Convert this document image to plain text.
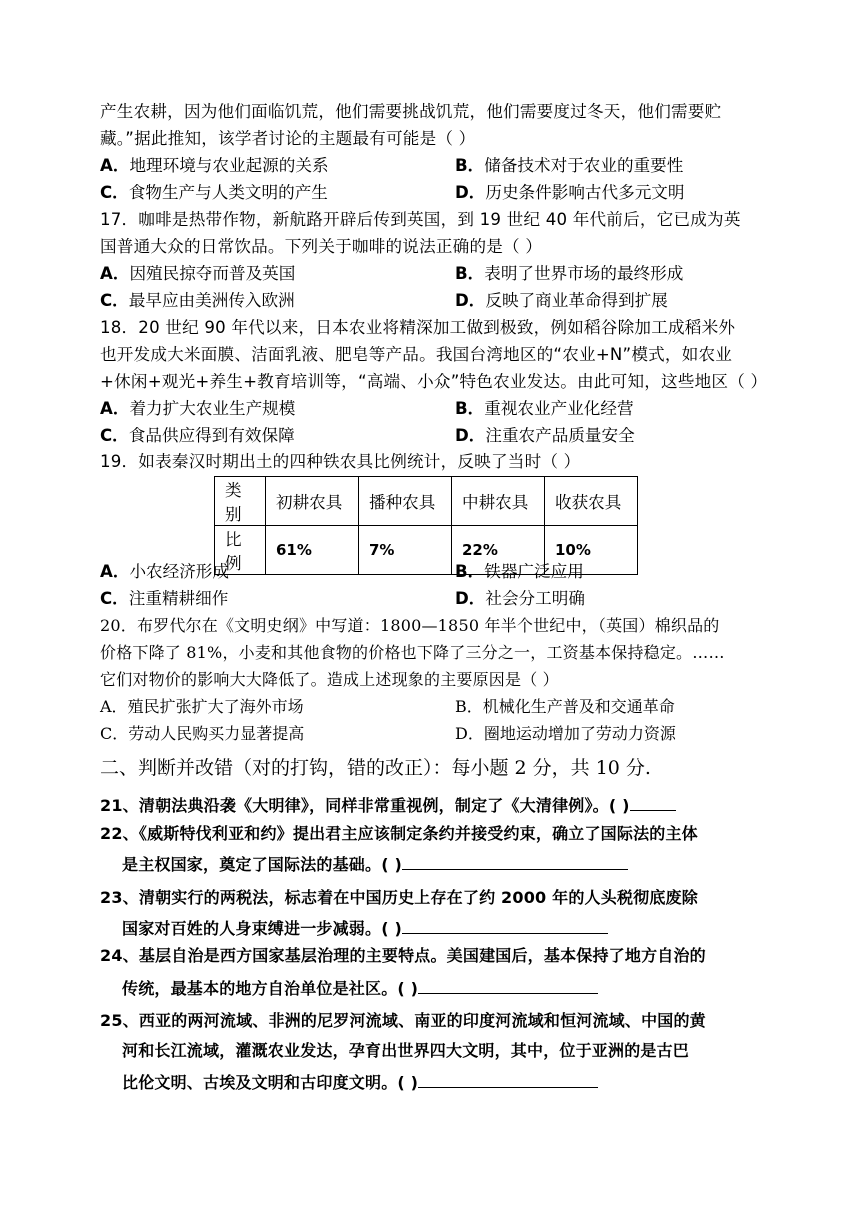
产生农耕，因为他们面临饥荒，他们需要挑战饥荒，他们需要度过冬天，他们需要贮
藏。”据此推知，该学者讨论的主题最有可能是（ ）
A．地理环境与农业起源的关系	B．储备技术对于农业的重要性
C．食物生产与人类文明的产生	D．历史条件影响古代多元文明
17．咖啡是热带作物，新航路开辟后传到英国，到 19 世纪 40 年代前后，它已成为英
国普通大众的日常饮品。下列关于咖啡的说法正确的是（ ）
A．因殖民掠夺而普及英国	B．表明了世界市场的最终形成
C．最早应由美洲传入欧洲	D．反映了商业革命得到扩展
18．20 世纪 90 年代以来，日本农业将精深加工做到极致，例如稻谷除加工成稻米外
也开发成大米面膜、洁面乳液、肥皂等产品。我国台湾地区的“农业+N”模式，如农业
+休闲+观光+养生+教育培训等，“高端、小众”特色农业发达。由此可知，这些地区（ ）
A．着力扩大农业生产规模	B．重视农业产业化经营
C．食品供应得到有效保障	D．注重农产品质量安全
19．如表秦汉时期出土的四种铁农具比例统计，反映了当时（ ）
类别	初耕农具	播种农具	中耕农具	收获农具
比例	61%	7%	22%	10%
A．小农经济形成	B．铁器广泛应用
C．注重精耕细作	D．社会分工明确
20．布罗代尔在《文明史纲》中写道：1800—1850 年半个世纪中，（英国）棉织品的
价格下降了 81%，小麦和其他食物的价格也下降了三分之一，工资基本保持稳定。……
它们对物价的影响大大降低了。造成上述现象的主要原因是（ ）
A．殖民扩张扩大了海外市场	B．机械化生产普及和交通革命
C．劳动人民购买力显著提高	D．圈地运动增加了劳动力资源
二、判断并改错（对的打钩，错的改正）：每小题 2 分，共 10 分.
21、清朝法典沿袭《大明律》，同样非常重视例，制定了《大清律例》。( )
22、《威斯特伐利亚和约》提出君主应该制定条约并接受约束，确立了国际法的主体
是主权国家，奠定了国际法的基础。( )
23、清朝实行的两税法，标志着在中国历史上存在了约 2000 年的人头税彻底废除
国家对百姓的人身束缚进一步减弱。( )
24、基层自治是西方国家基层治理的主要特点。美国建国后，基本保持了地方自治的
传统，最基本的地方自治单位是社区。( )
25、西亚的两河流域、非洲的尼罗河流域、南亚的印度河流域和恒河流域、中国的黄
河和长江流域，灌溉农业发达，孕育出世界四大文明，其中，位于亚洲的是古巴
比伦文明、古埃及文明和古印度文明。( )
